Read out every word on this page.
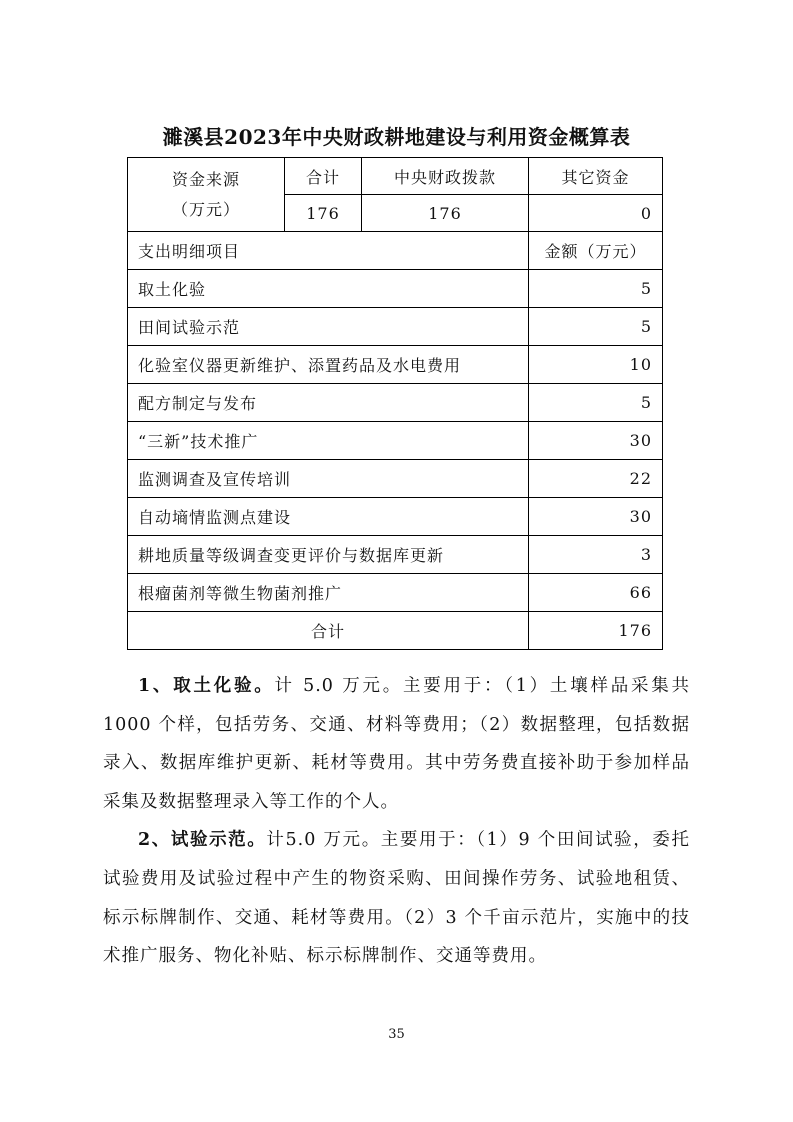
濉溪县2023年中央财政耕地建设与利用资金概算表
资金来源
（万元）	合计	中央财政拨款	其它资金
	176	176	0
支出明细项目			金额（万元）
取土化验			5
田间试验示范			5
化验室仪器更新维护、添置药品及水电费用			10
配方制定与发布			5
“三新”技术推广			30
监测调查及宣传培训			22
自动墒情监测点建设			30
耕地质量等级调查变更评价与数据库更新			3
根瘤菌剂等微生物菌剂推广			66
合计			176

1、取土化验。计 5.0 万元。主要用于：（1）土壤样品采集共 1000 个样，包括劳务、交通、材料等费用；（2）数据整理，包括数据录入、数据库维护更新、耗材等费用。其中劳务费直接补助于参加样品采集及数据整理录入等工作的个人。

2、试验示范。计5.0 万元。主要用于：（1）9 个田间试验，委托试验费用及试验过程中产生的物资采购、田间操作劳务、试验地租赁、标示标牌制作、交通、耗材等费用。（2）3 个千亩示范片，实施中的技术推广服务、物化补贴、标示标牌制作、交通等费用。

35
